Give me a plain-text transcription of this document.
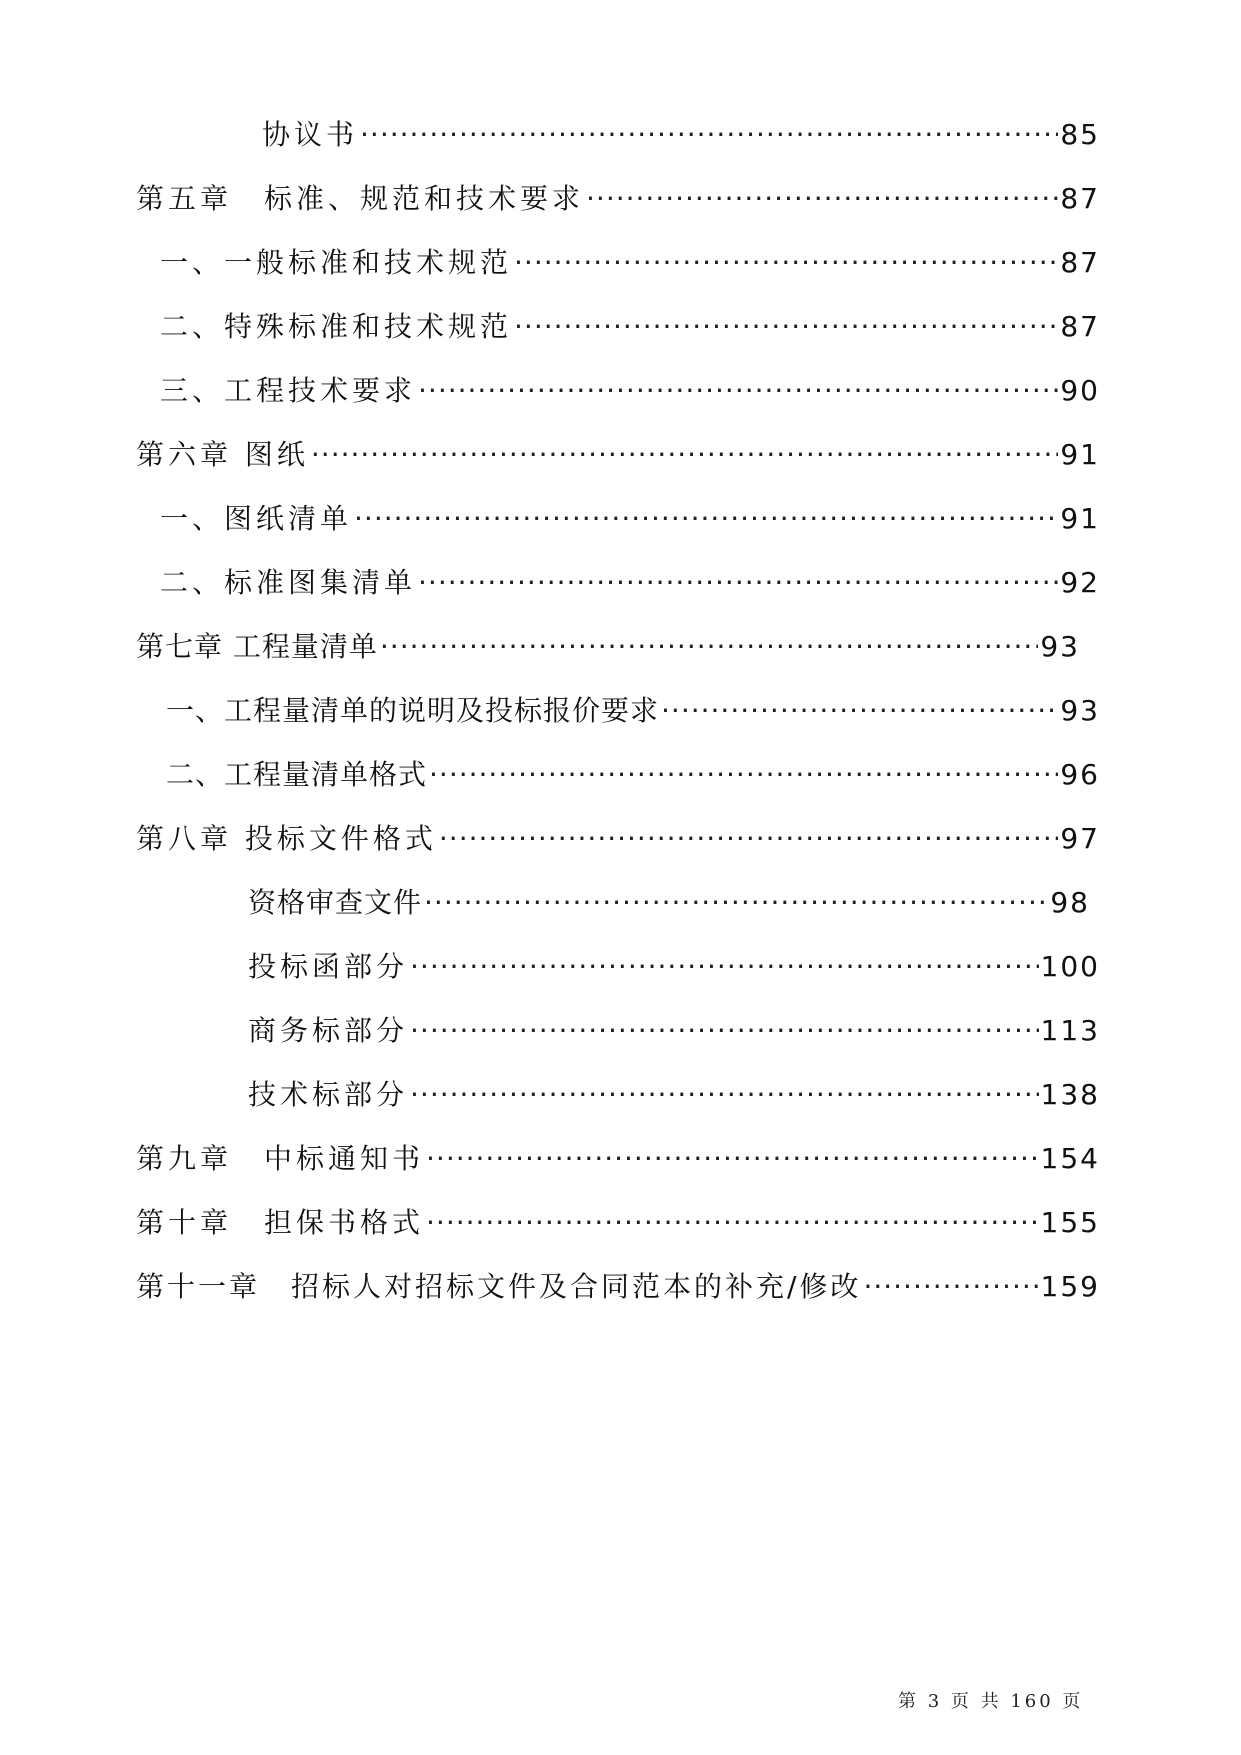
协议书 ·····	85
第五章　标准、规范和技术要求 ·····	87
一、一般标准和技术规范 ·····	87
二、特殊标准和技术规范 ·····	87
三、工程技术要求 ·····	90
第六章 图纸 ·····	91
一、图纸清单 ·····	91
二、标准图集清单 ·····	92
第七章 工程量清单 ·····	93
一、工程量清单的说明及投标报价要求 ·····	93
二、工程量清单格式 ·····	96
第八章 投标文件格式 ·····	97
资格审查文件 ·····	98
投标函部分 ·····	100
商务标部分 ·····	113
技术标部分 ·····	138
第九章　中标通知书 ·····	154
第十章　担保书格式 ·····	155
第十一章　招标人对招标文件及合同范本的补充/修改 ·····	159
第 3 页 共 160 页
